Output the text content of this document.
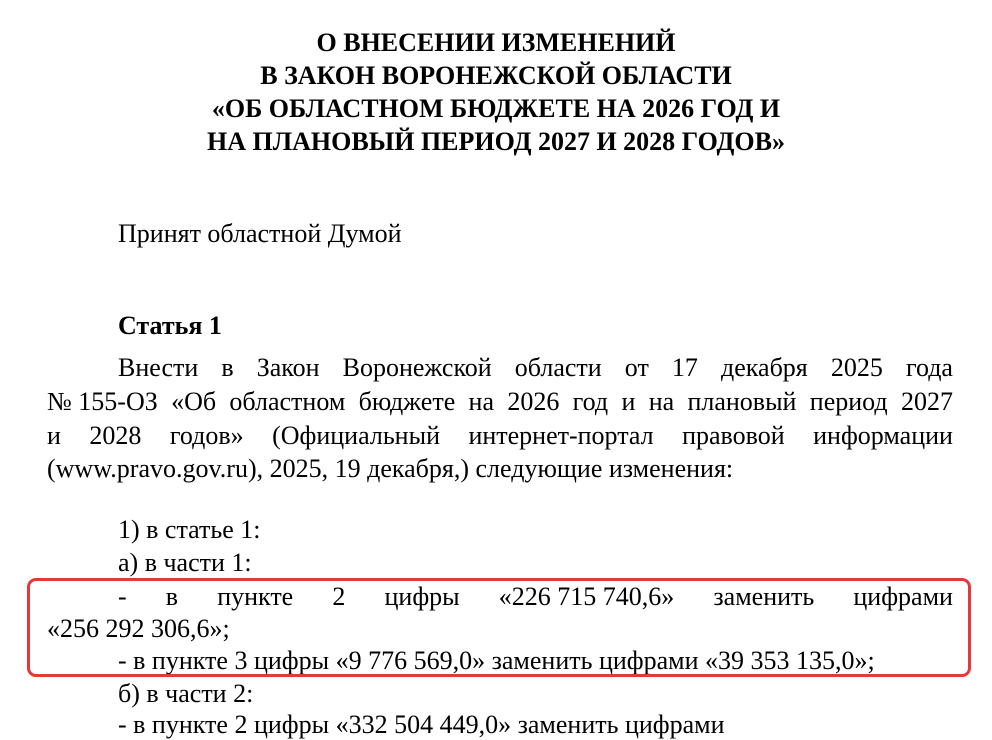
О ВНЕСЕНИИ ИЗМЕНЕНИЙ
В ЗАКОН ВОРОНЕЖСКОЙ ОБЛАСТИ
«ОБ ОБЛАСТНОМ БЮДЖЕТЕ НА 2026 ГОД И
НА ПЛАНОВЫЙ ПЕРИОД 2027 И 2028 ГОДОВ»

Принят областной Думой

Статья 1

Внести в Закон Воронежской области от 17 декабря 2025 года
№ 155-ОЗ «Об областном бюджете на 2026 год и на плановый период 2027
и 2028 годов» (Официальный интернет-портал правовой информации

(www.pravo.gov.ru), 2025, 19 декабря,) следующие изменения:

1) в статье 1:

а) в части 1:

- в пункте 2 цифры «226 715 740,6» заменить цифрами

«256 292 306,6»;

- в пункте 3 цифры «9 776 569,0» заменить цифрами «39 353 135,0»;

б) в части 2:

- в пункте 2 цифры «332 504 449,0» заменить цифрами
